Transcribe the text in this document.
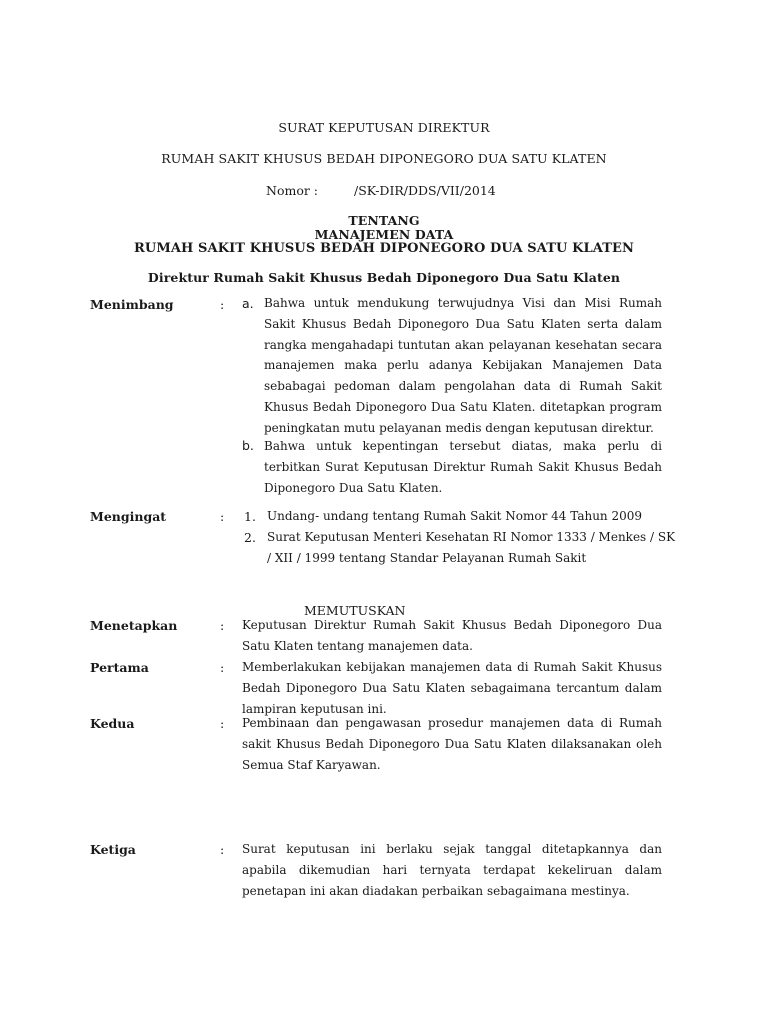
SURAT KEPUTUSAN DIREKTUR
RUMAH SAKIT KHUSUS BEDAH DIPONEGORO DUA SATU KLATEN
Nomor :	/SK-DIR/DDS/VII/2014
TENTANG
MANAJEMEN DATA
RUMAH SAKIT KHUSUS BEDAH DIPONEGORO DUA SATU KLATEN
Direktur Rumah Sakit Khusus Bedah Diponegoro Dua Satu Klaten
Menimbang	: a. Bahwa untuk mendukung terwujudnya Visi dan Misi Rumah Sakit Khusus Bedah Diponegoro Dua Satu Klaten serta dalam rangka mengahadapi tuntutan akan pelayanan kesehatan secara manajemen maka perlu adanya Kebijakan Manajemen Data sebabagai pedoman dalam pengolahan data di Rumah Sakit Khusus Bedah Diponegoro Dua Satu Klaten. ditetapkan program peningkatan mutu pelayanan medis dengan keputusan direktur.
b. Bahwa untuk kepentingan tersebut diatas, maka perlu di terbitkan Surat Keputusan Direktur Rumah Sakit Khusus Bedah Diponegoro Dua Satu Klaten.
Mengingat	: 1. Undang- undang tentang Rumah Sakit Nomor 44 Tahun 2009
2. Surat Keputusan Menteri Kesehatan RI Nomor 1333 / Menkes / SK
/ XII / 1999 tentang Standar Pelayanan Rumah Sakit
MEMUTUSKAN
Menetapkan	: Keputusan Direktur Rumah Sakit Khusus Bedah Diponegoro Dua Satu Klaten tentang manajemen data.
Pertama	: Memberlakukan kebijakan manajemen data di Rumah Sakit Khusus Bedah Diponegoro Dua Satu Klaten sebagaimana tercantum dalam lampiran keputusan ini.
Kedua	: Pembinaan dan pengawasan prosedur manajemen data di Rumah sakit Khusus Bedah Diponegoro Dua Satu Klaten dilaksanakan oleh Semua Staf Karyawan.
Ketiga	: Surat keputusan ini berlaku sejak tanggal ditetapkannya dan apabila dikemudian hari ternyata terdapat kekeliruan dalam penetapan ini akan diadakan perbaikan sebagaimana mestinya.
